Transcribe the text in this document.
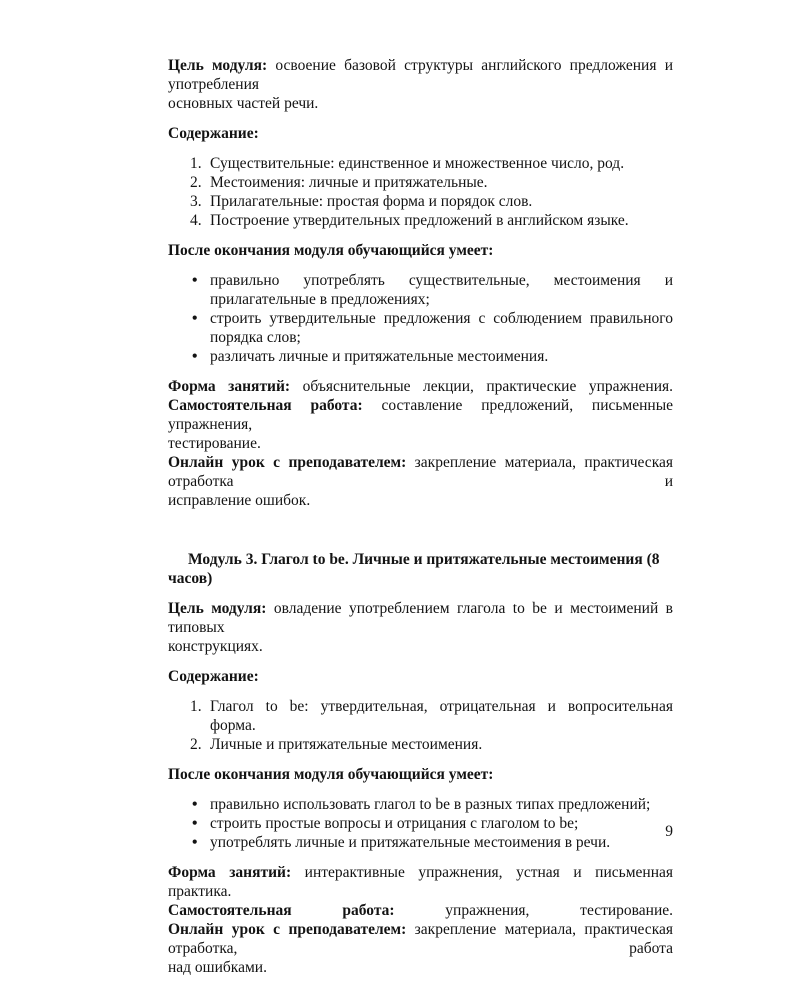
Цель модуля: освоение базовой структуры английского предложения и употребления
основных частей речи.
Содержание:
1. Существительные: единственное и множественное число, род.
2. Местоимения: личные и притяжательные.
3. Прилагательные: простая форма и порядок слов.
4. Построение утвердительных предложений в английском языке.
После окончания модуля обучающийся умеет:
• правильно употреблять существительные, местоимения и прилагательные в предложениях;
• строить утвердительные предложения с соблюдением правильного порядка слов;
• различать личные и притяжательные местоимения.
Форма занятий: объяснительные лекции, практические упражнения.
Самостоятельная работа: составление предложений, письменные упражнения,
тестирование.
Онлайн урок с преподавателем: закрепление материала, практическая отработка и
исправление ошибок.
Модуль 3. Глагол to be. Личные и притяжательные местоимения (8 часов)
Цель модуля: овладение употреблением глагола to be и местоимений в типовых
конструкциях.
Содержание:
1. Глагол to be: утвердительная, отрицательная и вопросительная форма.
2. Личные и притяжательные местоимения.
После окончания модуля обучающийся умеет:
• правильно использовать глагол to be в разных типах предложений;
• строить простые вопросы и отрицания с глаголом to be;
• употреблять личные и притяжательные местоимения в речи.
Форма занятий: интерактивные упражнения, устная и письменная практика.
Самостоятельная работа:	упражнения, тестирование.
Онлайн урок с преподавателем: закрепление материала, практическая отработка, работа
над ошибками.
9
